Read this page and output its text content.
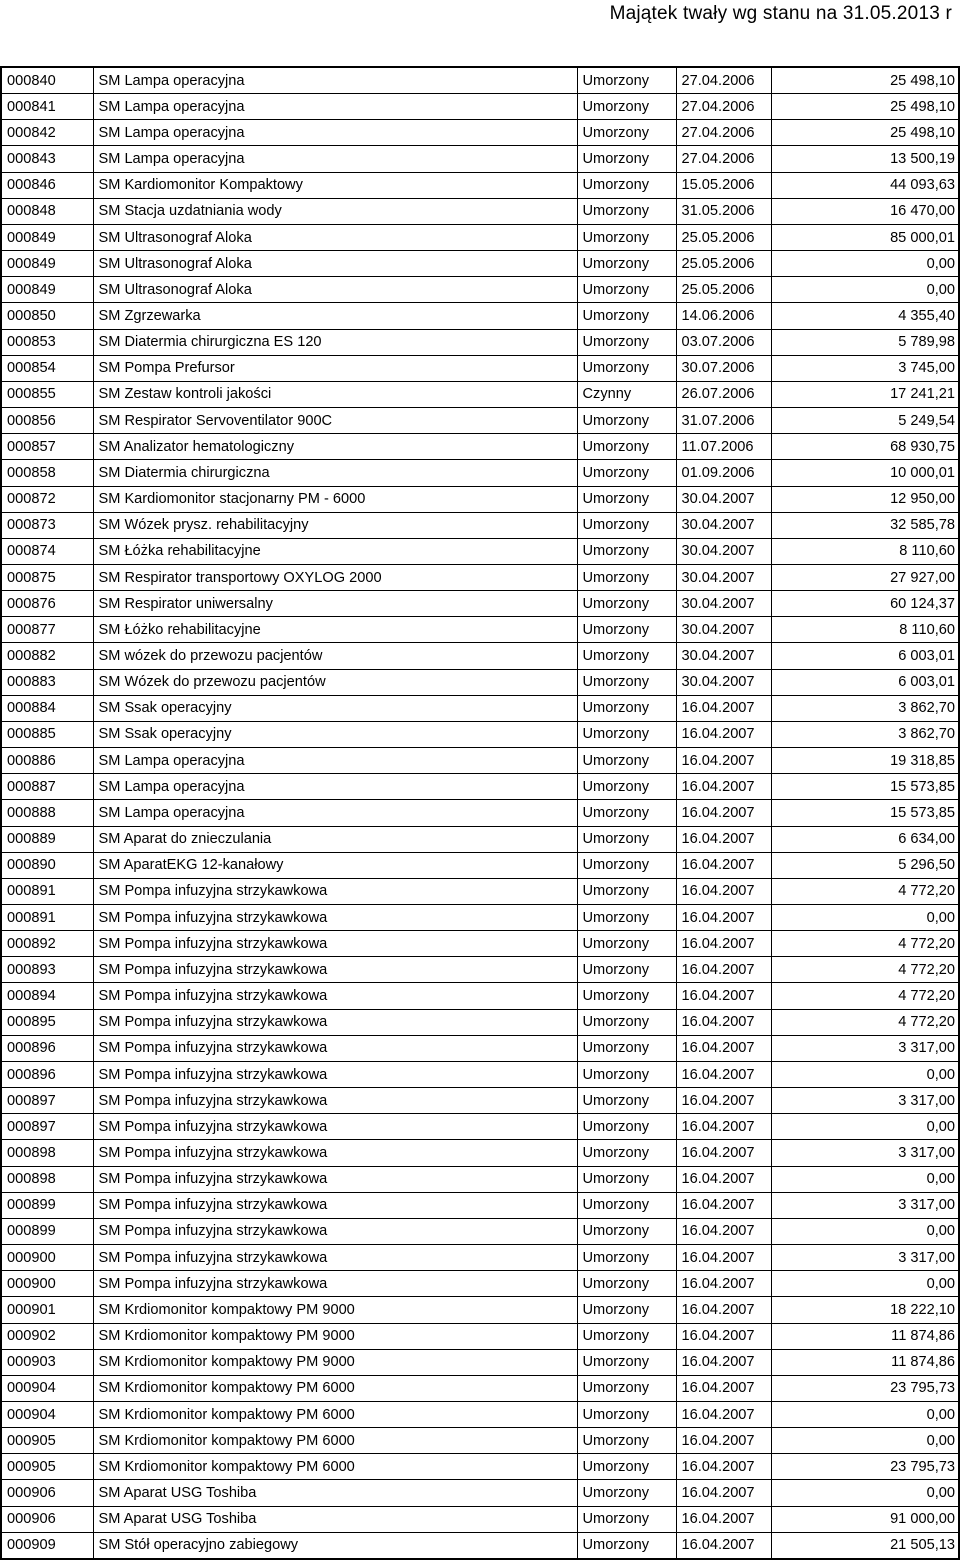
Majątek twały wg stanu na 31.05.2013 r
000840	SM Lampa operacyjna	Umorzony	27.04.2006	25 498,10
000841	SM Lampa operacyjna	Umorzony	27.04.2006	25 498,10
000842	SM Lampa operacyjna	Umorzony	27.04.2006	25 498,10
000843	SM Lampa operacyjna	Umorzony	27.04.2006	13 500,19
000846	SM Kardiomonitor Kompaktowy	Umorzony	15.05.2006	44 093,63
000848	SM Stacja uzdatniania wody	Umorzony	31.05.2006	16 470,00
000849	SM Ultrasonograf Aloka	Umorzony	25.05.2006	85 000,01
000849	SM Ultrasonograf Aloka	Umorzony	25.05.2006	0,00
000849	SM Ultrasonograf Aloka	Umorzony	25.05.2006	0,00
000850	SM Zgrzewarka	Umorzony	14.06.2006	4 355,40
000853	SM Diatermia chirurgiczna ES 120	Umorzony	03.07.2006	5 789,98
000854	SM Pompa Prefursor	Umorzony	30.07.2006	3 745,00
000855	SM Zestaw kontroli jakości	Czynny	26.07.2006	17 241,21
000856	SM Respirator Servoventilator 900C	Umorzony	31.07.2006	5 249,54
000857	SM Analizator hematologiczny	Umorzony	11.07.2006	68 930,75
000858	SM Diatermia chirurgiczna	Umorzony	01.09.2006	10 000,01
000872	SM Kardiomonitor stacjonarny PM - 6000	Umorzony	30.04.2007	12 950,00
000873	SM Wózek prysz. rehabilitacyjny	Umorzony	30.04.2007	32 585,78
000874	SM Łóżka rehabilitacyjne	Umorzony	30.04.2007	8 110,60
000875	SM Respirator transportowy OXYLOG 2000	Umorzony	30.04.2007	27 927,00
000876	SM Respirator uniwersalny	Umorzony	30.04.2007	60 124,37
000877	SM Łóżko rehabilitacyjne	Umorzony	30.04.2007	8 110,60
000882	SM wózek do przewozu pacjentów	Umorzony	30.04.2007	6 003,01
000883	SM Wózek do przewozu pacjentów	Umorzony	30.04.2007	6 003,01
000884	SM Ssak operacyjny	Umorzony	16.04.2007	3 862,70
000885	SM Ssak operacyjny	Umorzony	16.04.2007	3 862,70
000886	SM Lampa operacyjna	Umorzony	16.04.2007	19 318,85
000887	SM Lampa operacyjna	Umorzony	16.04.2007	15 573,85
000888	SM Lampa operacyjna	Umorzony	16.04.2007	15 573,85
000889	SM Aparat do znieczulania	Umorzony	16.04.2007	6 634,00
000890	SM AparatEKG 12-kanałowy	Umorzony	16.04.2007	5 296,50
000891	SM Pompa infuzyjna strzykawkowa	Umorzony	16.04.2007	4 772,20
000891	SM Pompa infuzyjna strzykawkowa	Umorzony	16.04.2007	0,00
000892	SM Pompa infuzyjna strzykawkowa	Umorzony	16.04.2007	4 772,20
000893	SM Pompa infuzyjna strzykawkowa	Umorzony	16.04.2007	4 772,20
000894	SM Pompa infuzyjna strzykawkowa	Umorzony	16.04.2007	4 772,20
000895	SM Pompa infuzyjna strzykawkowa	Umorzony	16.04.2007	4 772,20
000896	SM Pompa infuzyjna strzykawkowa	Umorzony	16.04.2007	3 317,00
000896	SM Pompa infuzyjna strzykawkowa	Umorzony	16.04.2007	0,00
000897	SM Pompa infuzyjna strzykawkowa	Umorzony	16.04.2007	3 317,00
000897	SM Pompa infuzyjna strzykawkowa	Umorzony	16.04.2007	0,00
000898	SM Pompa infuzyjna strzykawkowa	Umorzony	16.04.2007	3 317,00
000898	SM Pompa infuzyjna strzykawkowa	Umorzony	16.04.2007	0,00
000899	SM Pompa infuzyjna strzykawkowa	Umorzony	16.04.2007	3 317,00
000899	SM Pompa infuzyjna strzykawkowa	Umorzony	16.04.2007	0,00
000900	SM Pompa infuzyjna strzykawkowa	Umorzony	16.04.2007	3 317,00
000900	SM Pompa infuzyjna strzykawkowa	Umorzony	16.04.2007	0,00
000901	SM Krdiomonitor kompaktowy PM 9000	Umorzony	16.04.2007	18 222,10
000902	SM Krdiomonitor kompaktowy PM 9000	Umorzony	16.04.2007	11 874,86
000903	SM Krdiomonitor kompaktowy PM 9000	Umorzony	16.04.2007	11 874,86
000904	SM Krdiomonitor kompaktowy PM 6000	Umorzony	16.04.2007	23 795,73
000904	SM Krdiomonitor kompaktowy PM 6000	Umorzony	16.04.2007	0,00
000905	SM Krdiomonitor kompaktowy PM 6000	Umorzony	16.04.2007	0,00
000905	SM Krdiomonitor kompaktowy PM 6000	Umorzony	16.04.2007	23 795,73
000906	SM Aparat USG Toshiba	Umorzony	16.04.2007	0,00
000906	SM Aparat USG Toshiba	Umorzony	16.04.2007	91 000,00
000909	SM Stół operacyjno zabiegowy	Umorzony	16.04.2007	21 505,13
